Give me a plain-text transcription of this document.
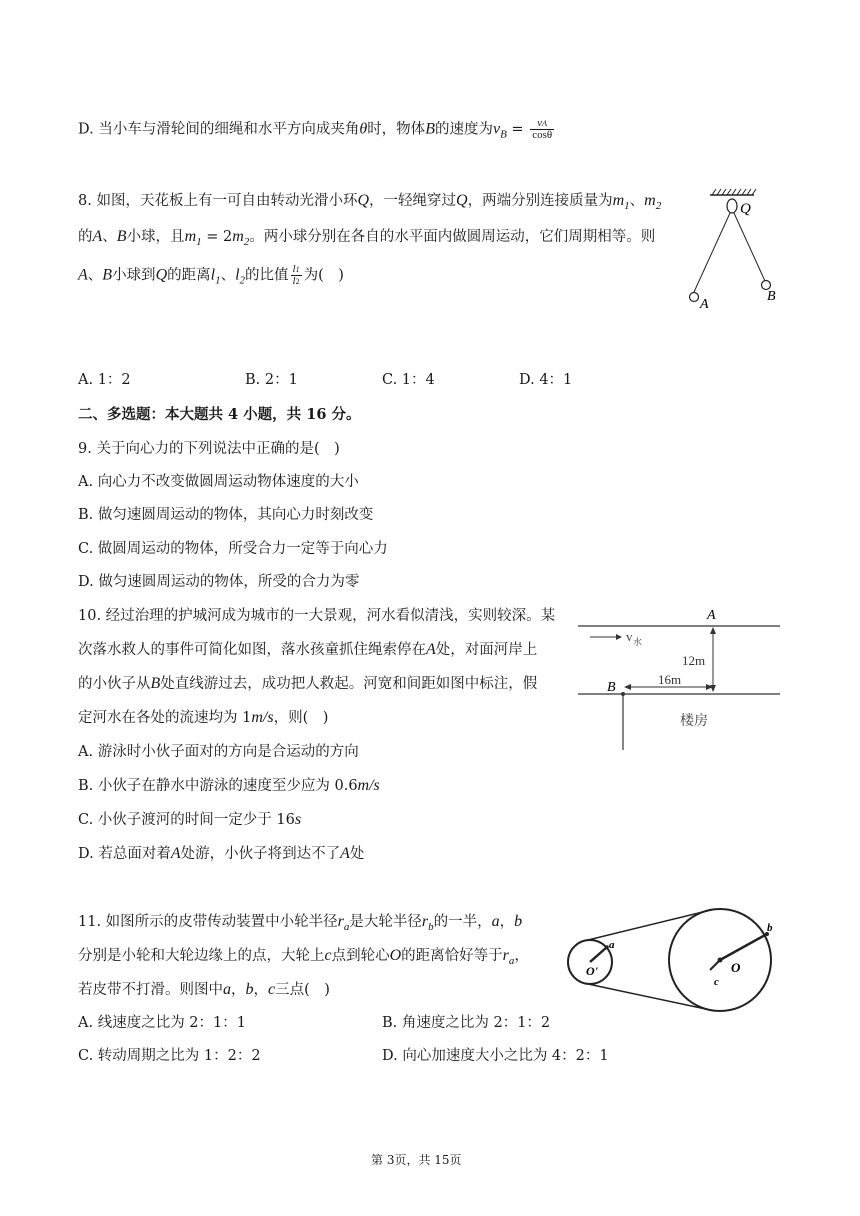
D. 当小车与滑轮间的细绳和水平方向成夹角θ时，物体B的速度为$v_B = \frac{vA}{\cos\theta}$
8. 如图，天花板上有一可自由转动光滑小环Q，一轻绳穿过Q，两端分别连接质量为$m_1$、$m_2$
的A、B小球，且$m_1 = 2m_2$。两小球分别在各自的水平面内做圆周运动，它们周期相等。则
A、B小球到Q的距离$l_1$、$l_2$的比值 $\frac{l1}{l2}$ 为(　)
Q
A
B
A. 1：2	B. 2：1	C. 1：4	D. 4：1
二、多选题：本大题共 4 小题，共 16 分。
9. 关于向心力的下列说法中正确的是(　)
A. 向心力不改变做圆周运动物体速度的大小
B. 做匀速圆周运动的物体，其向心力时刻改变
C. 做圆周运动的物体，所受合力一定等于向心力
D. 做匀速圆周运动的物体，所受的合力为零
10. 经过治理的护城河成为城市的一大景观，河水看似清浅，实则较深。某
次落水救人的事件可简化如图，落水孩童抓住绳索停在A处，对面河岸上
的小伙子从B处直线游过去，成功把人救起。河宽和间距如图中标注，假
定河水在各处的流速均为 1m/s，则(　)
A. 游泳时小伙子面对的方向是合运动的方向
B. 小伙子在静水中游泳的速度至少应为 0.6m/s
C. 小伙子渡河的时间一定少于 16s
D. 若总面对着A处游，小伙子将到达不了A处
A
v 水
12m
16m
B
楼房
11. 如图所示的皮带传动装置中小轮半径$r_a$是大轮半径$r_b$的一半，a，b
分别是小轮和大轮边缘上的点，大轮上c点到轮心O的距离恰好等于$r_a$，
若皮带不打滑。则图中a，b，c三点(　)
a
O'
b
O
c
A. 线速度之比为 2：1：1	B. 角速度之比为 2：1：2
C. 转动周期之比为 1：2：2	D. 向心加速度大小之比为 4：2：1
第 3页，共 15页
